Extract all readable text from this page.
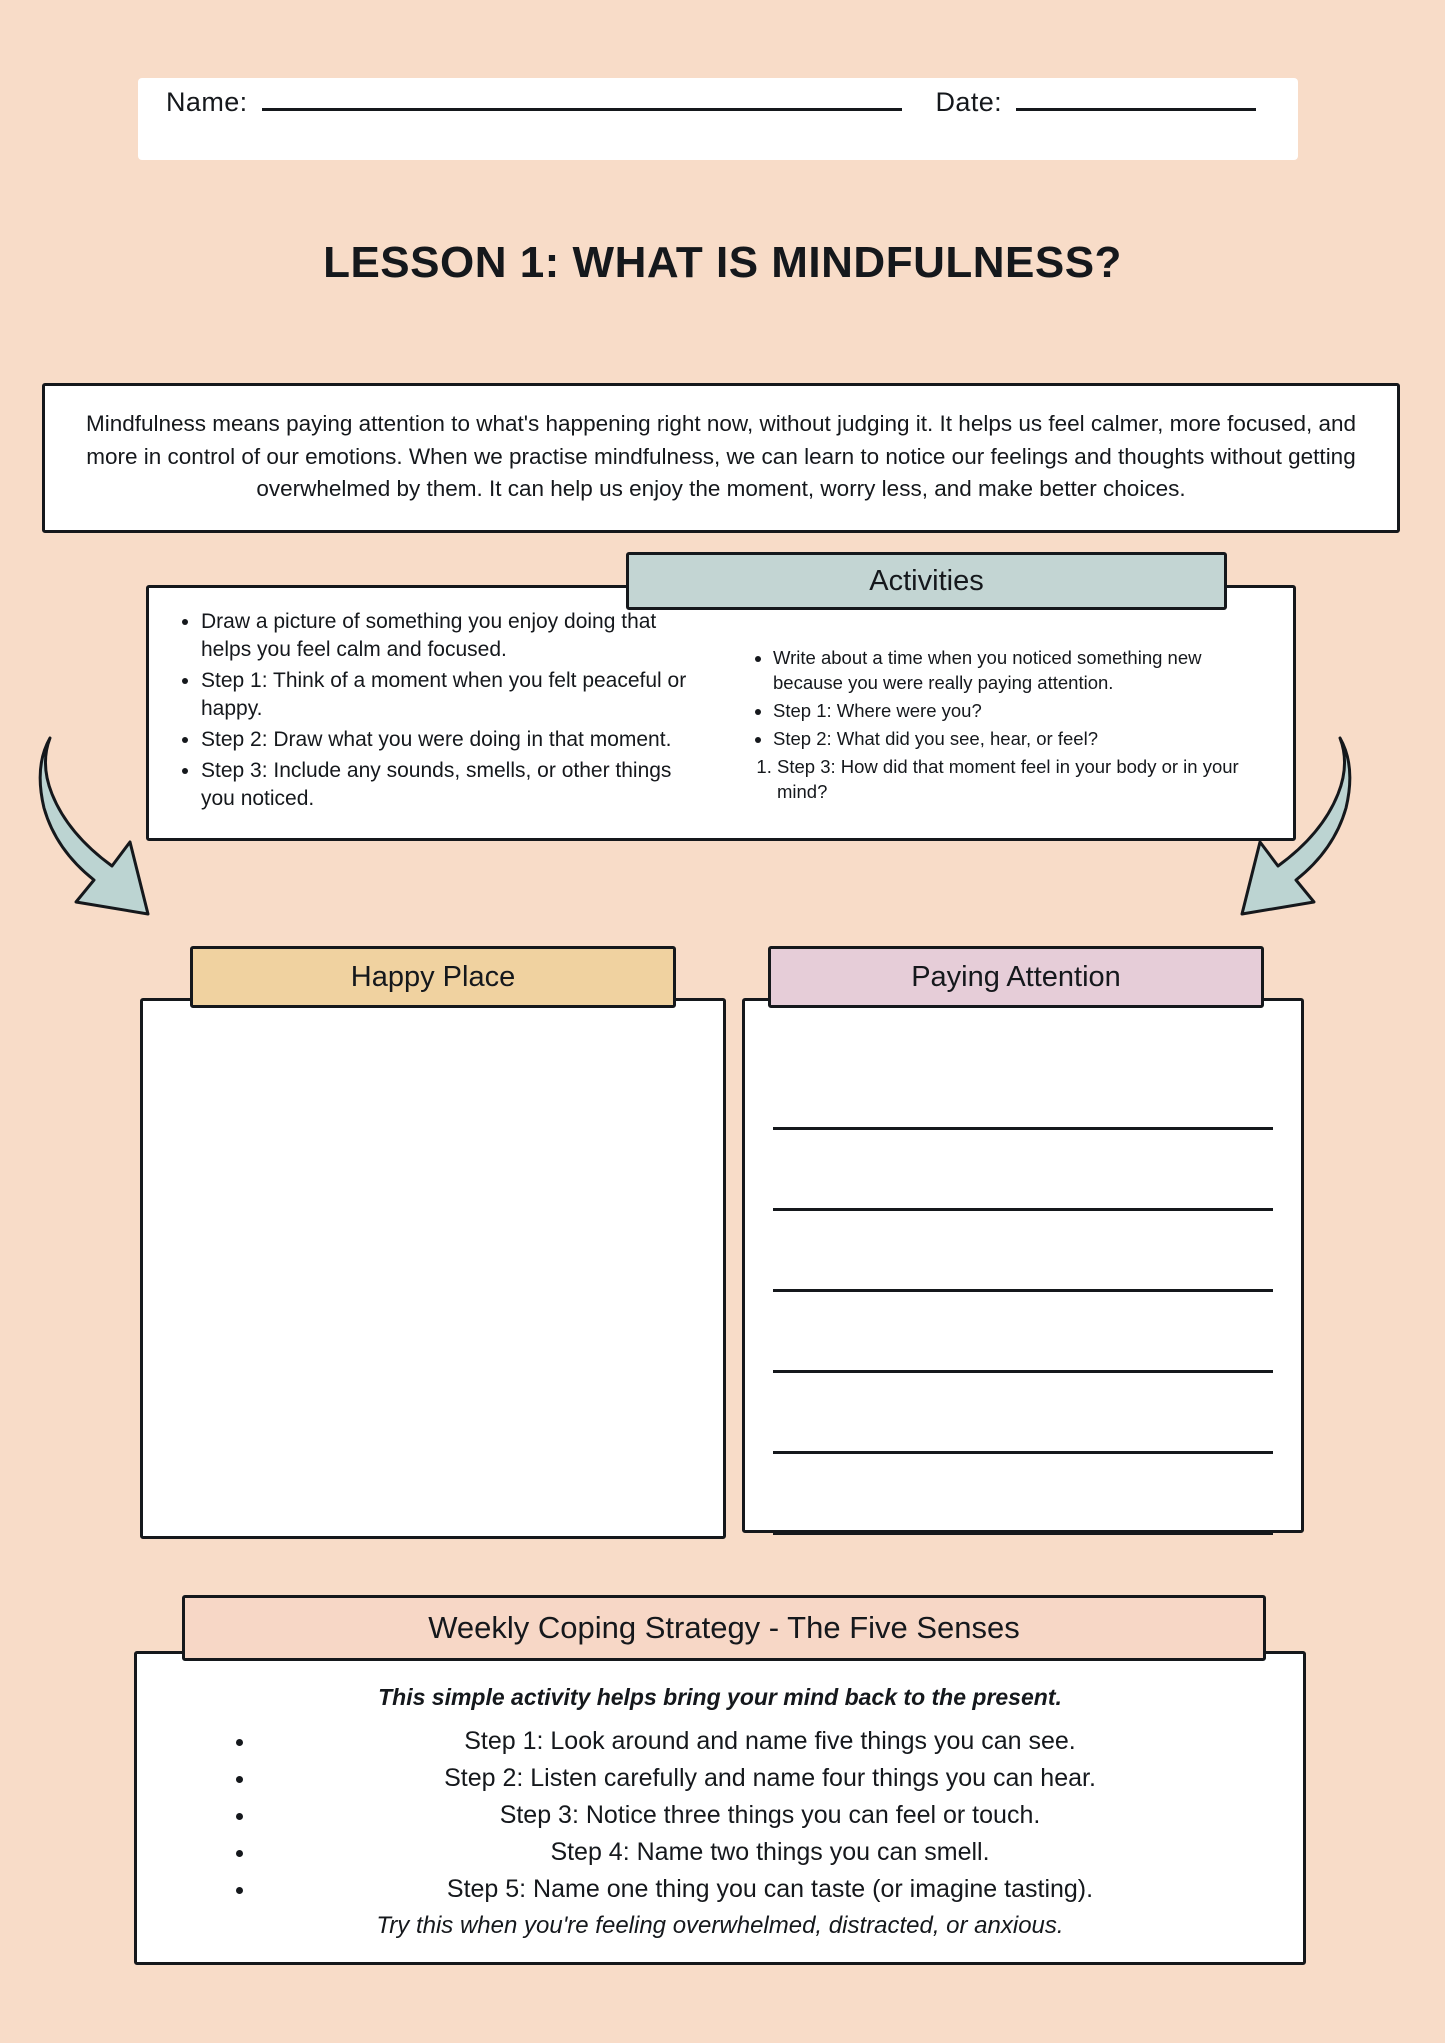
Name:	Date:
LESSON 1: WHAT IS MINDFULNESS?
Mindfulness means paying attention to what's happening right now, without judging it. It helps us feel calmer, more focused, and more in control of our emotions. When we practise mindfulness, we can learn to notice our feelings and thoughts without getting overwhelmed by them. It can help us enjoy the moment, worry less, and make better choices.
Activities
• Draw a picture of something you enjoy doing that helps you feel calm and focused.
• Step 1: Think of a moment when you felt peaceful or happy.
• Step 2: Draw what you were doing in that moment.
• Step 3: Include any sounds, smells, or other things you noticed.
• Write about a time when you noticed something new because you were really paying attention.
• Step 1: Where were you?
• Step 2: What did you see, hear, or feel?
1. Step 3: How did that moment feel in your body or in your mind?
Happy Place	Paying Attention
Weekly Coping Strategy - The Five Senses
This simple activity helps bring your mind back to the present.
• Step 1: Look around and name five things you can see.
• Step 2: Listen carefully and name four things you can hear.
• Step 3: Notice three things you can feel or touch.
• Step 4: Name two things you can smell.
• Step 5: Name one thing you can taste (or imagine tasting).
Try this when you're feeling overwhelmed, distracted, or anxious.
